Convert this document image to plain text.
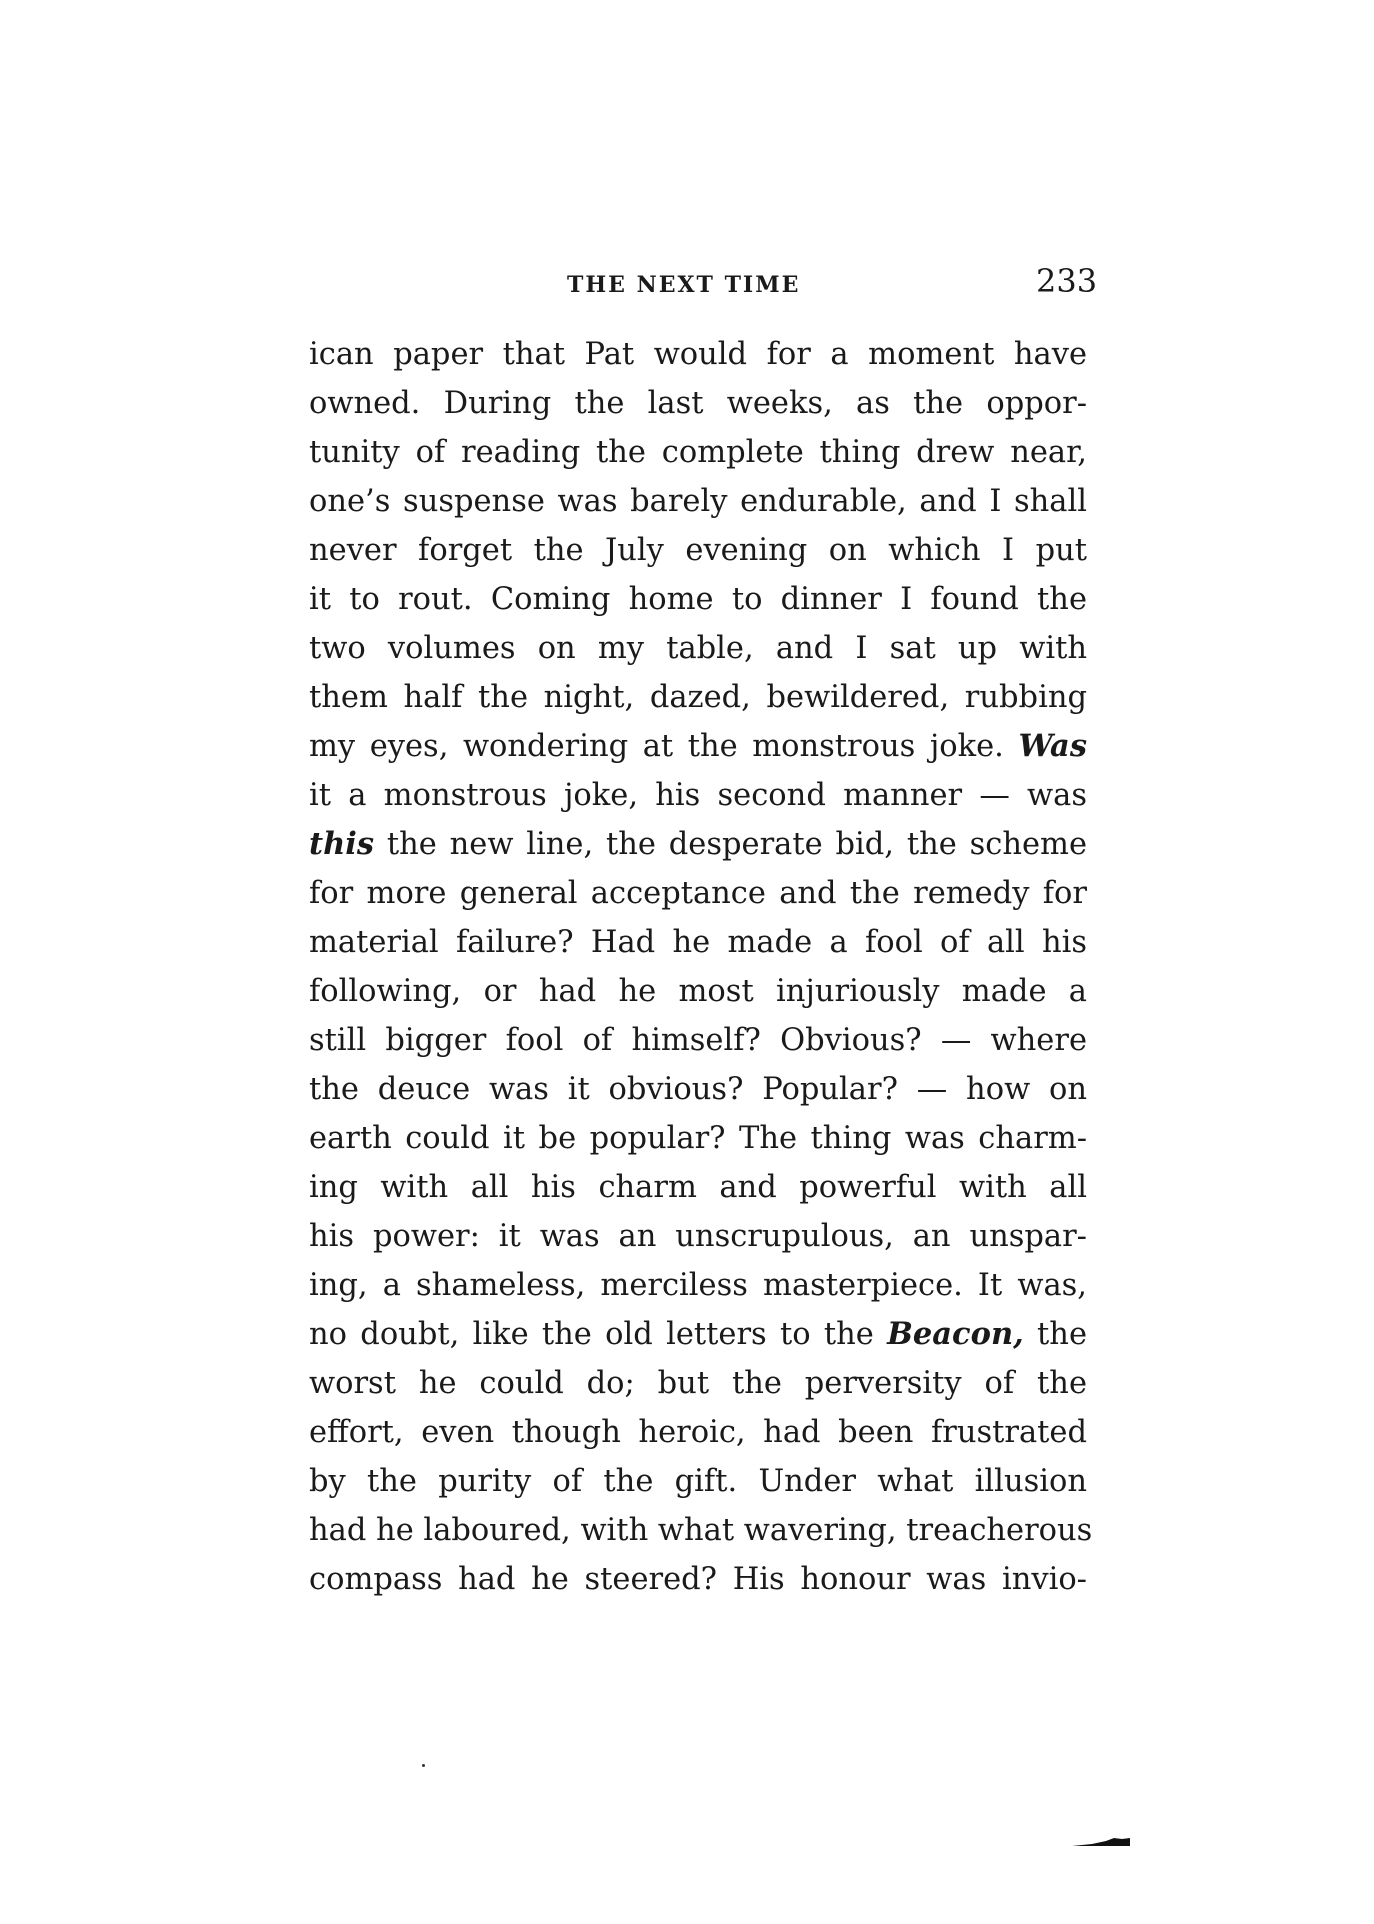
THE NEXT TIME	233
ican paper that Pat would for a moment have
owned. During the last weeks, as the oppor-
tunity of reading the complete thing drew near,
one’s suspense was barely endurable, and I shall
never forget the July evening on which I put
it to rout. Coming home to dinner I found the
two volumes on my table, and I sat up with
them half the night, dazed, bewildered, rubbing
my eyes, wondering at the monstrous joke. Was
it a monstrous joke, his second manner — was
this the new line, the desperate bid, the scheme
for more general acceptance and the remedy for
material failure? Had he made a fool of all his
following, or had he most injuriously made a
still bigger fool of himself? Obvious? — where
the deuce was it obvious? Popular? — how on
earth could it be popular? The thing was charm-
ing with all his charm and powerful with all
his power: it was an unscrupulous, an unspar-
ing, a shameless, merciless masterpiece. It was,
no doubt, like the old letters to the Beacon, the
worst he could do; but the perversity of the
effort, even though heroic, had been frustrated
by the purity of the gift. Under what illusion
had he laboured, with what wavering, treacherous
compass had he steered? His honour was invio-
